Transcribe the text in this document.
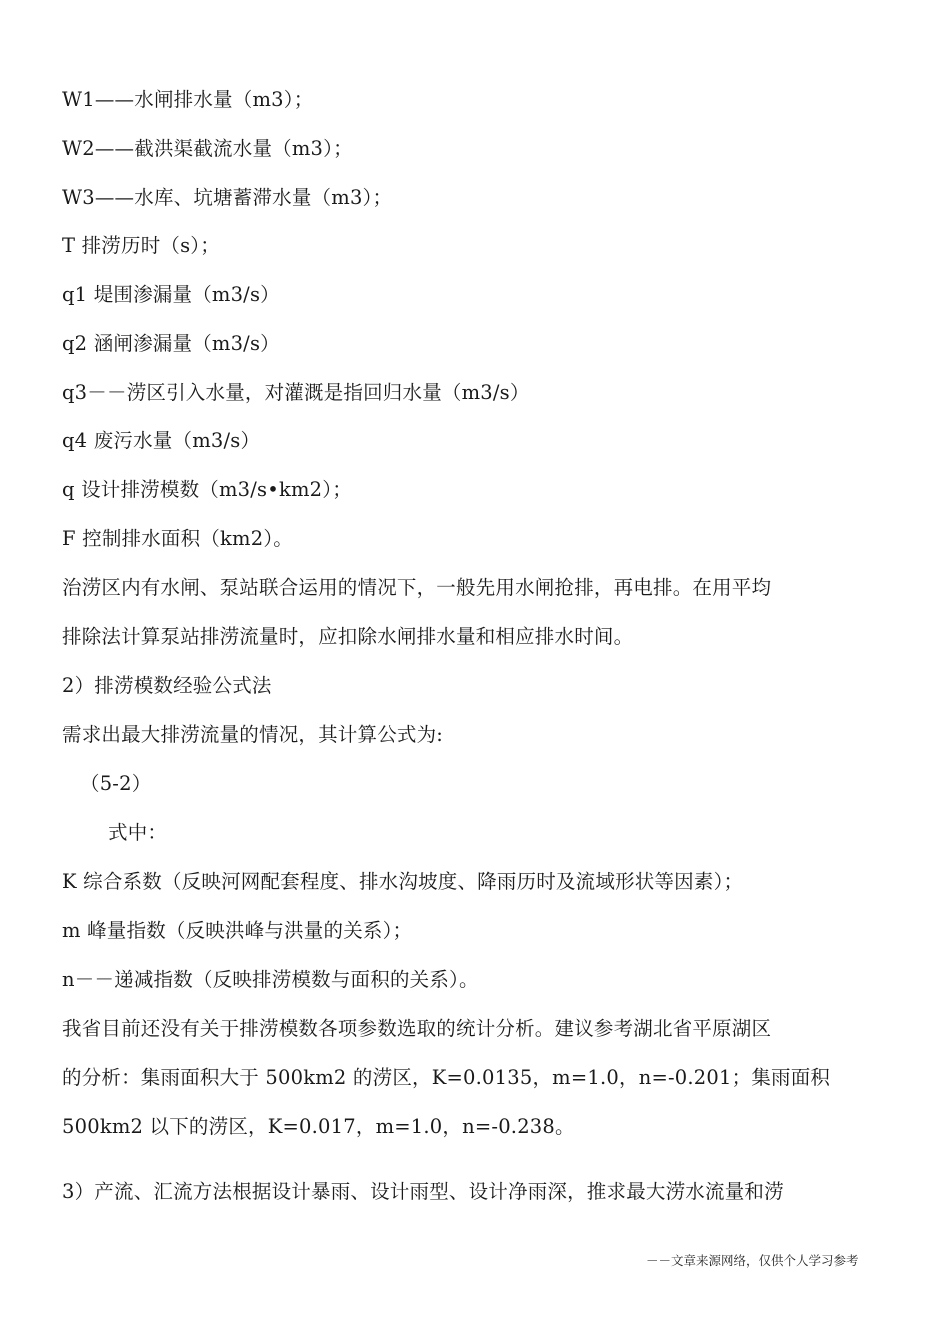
W1——水闸排水量（m3）；
W2——截洪渠截流水量（m3）；
W3——水库、坑塘蓄滞水量（m3）；
T 排涝历时（s）；
q1 堤围渗漏量（m3/s）
q2 涵闸渗漏量（m3/s）
q3－－涝区引入水量，对灌溉是指回归水量（m3/s）
q4 废污水量（m3/s）
q 设计排涝模数（m3/s•km2）；
F 控制排水面积（km2）。
治涝区内有水闸、泵站联合运用的情况下，一般先用水闸抢排，再电排。在用平均
排除法计算泵站排涝流量时，应扣除水闸排水量和相应排水时间。
2）排涝模数经验公式法
需求出最大排涝流量的情况，其计算公式为:
（5-2）
式中：
K 综合系数（反映河网配套程度、排水沟坡度、降雨历时及流域形状等因素）；
m 峰量指数（反映洪峰与洪量的关系）；
n－－递减指数（反映排涝模数与面积的关系）。
我省目前还没有关于排涝模数各项参数选取的统计分析。建议参考湖北省平原湖区
的分析：集雨面积大于 500km2 的涝区，K=0.0135，m=1.0，n=-0.201；集雨面积
500km2 以下的涝区，K=0.017，m=1.0，n=-0.238。
3）产流、汇流方法根据设计暴雨、设计雨型、设计净雨深，推求最大涝水流量和涝
－－文章来源网络，仅供个人学习参考
